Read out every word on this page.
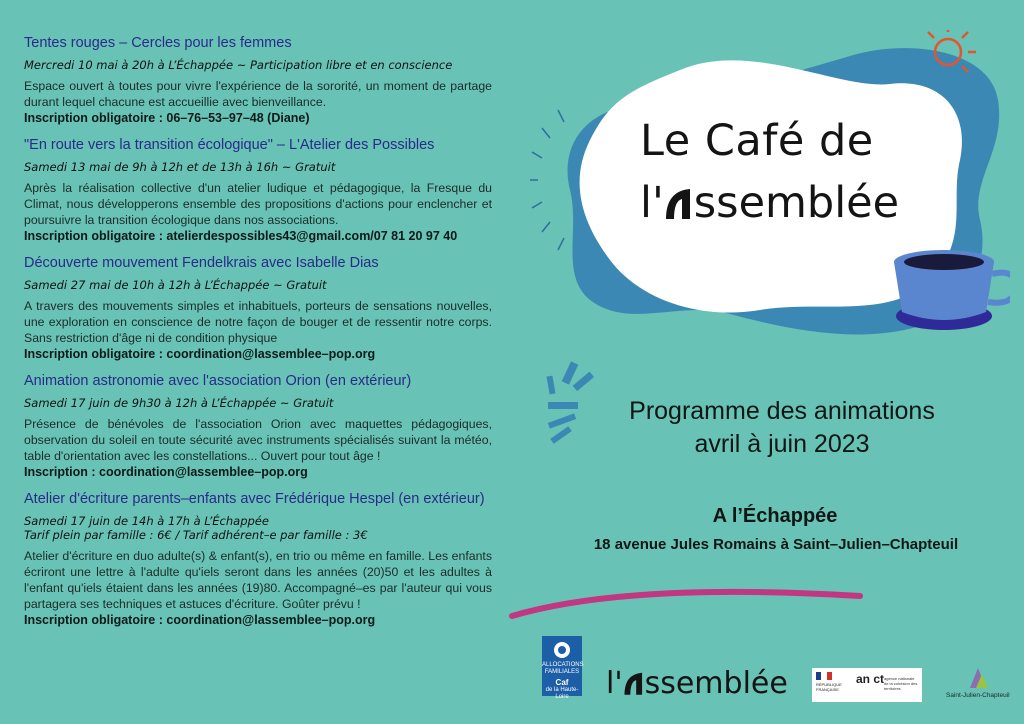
Tentes rouges – Cercles pour les femmes

Mercredi 10 mai à 20h à L’Échappée ~ Participation libre et en conscience

Espace ouvert à toutes pour vivre l'expérience de la sororité, un moment de partage durant lequel chacune est accueillie avec bienveillance.

Inscription obligatoire : 06–76–53–97–48 (Diane)

"En route vers la transition écologique" – L'Atelier des Possibles

Samedi 13 mai de 9h à 12h et de 13h à 16h ~ Gratuit

Après la réalisation collective d'un atelier ludique et pédagogique, la Fresque du Climat, nous développerons ensemble des propositions d'actions pour enclencher et poursuivre la transition écologique dans nos associations.

Inscription obligatoire : atelierdespossibles43@gmail.com/07 81 20 97 40

Découverte mouvement Fendelkrais avec Isabelle Dias

Samedi 27 mai de 10h à 12h à L’Échappée ~ Gratuit

A travers des mouvements simples et inhabituels, porteurs de sensations nouvelles, une exploration en conscience de notre façon de bouger et de ressentir notre corps. Sans restriction d'âge ni de condition physique

Inscription obligatoire : coordination@lassemblee–pop.org

Animation astronomie avec l'association Orion (en extérieur)

Samedi 17 juin de 9h30 à 12h à L’Échappée ~ Gratuit

Présence de bénévoles de l'association Orion avec maquettes pédagogiques, observation du soleil en toute sécurité avec instruments spécialisés suivant la météo, table d'orientation avec les constellations... Ouvert pour tout âge !

Inscription : coordination@lassemblee–pop.org

Atelier d'écriture parents–enfants avec Frédérique Hespel (en extérieur)

Samedi 17 juin de 14h à 17h à L’Échappée

Tarif plein par famille : 6€ / Tarif adhérent–e par famille : 3€

Atelier d'écriture en duo adulte(s) & enfant(s), en trio ou même en famille. Les enfants écriront une lettre à l'adulte qu'iels seront dans les années (20)50 et les adultes à l'enfant qu'iels étaient dans les années (19)80. Accompagné–es par l'auteur qui vous partagera ses techniques et astuces d'écriture. Goûter prévu !

Inscription obligatoire : coordination@lassemblee–pop.org

Le Café de
l' ssemblée
Programme des animations
avril à juin 2023
A l’Échappée
18 avenue Jules Romains à Saint–Julien–Chapteuil
ALLOCATIONS FAMILIALES
Caf
de la Haute-Loire	l' ssemblée	RÉPUBLIQUE FRANÇAISE
an ct agence nationale de la cohésion des territoires
Saint-Julien-Chapteuil
